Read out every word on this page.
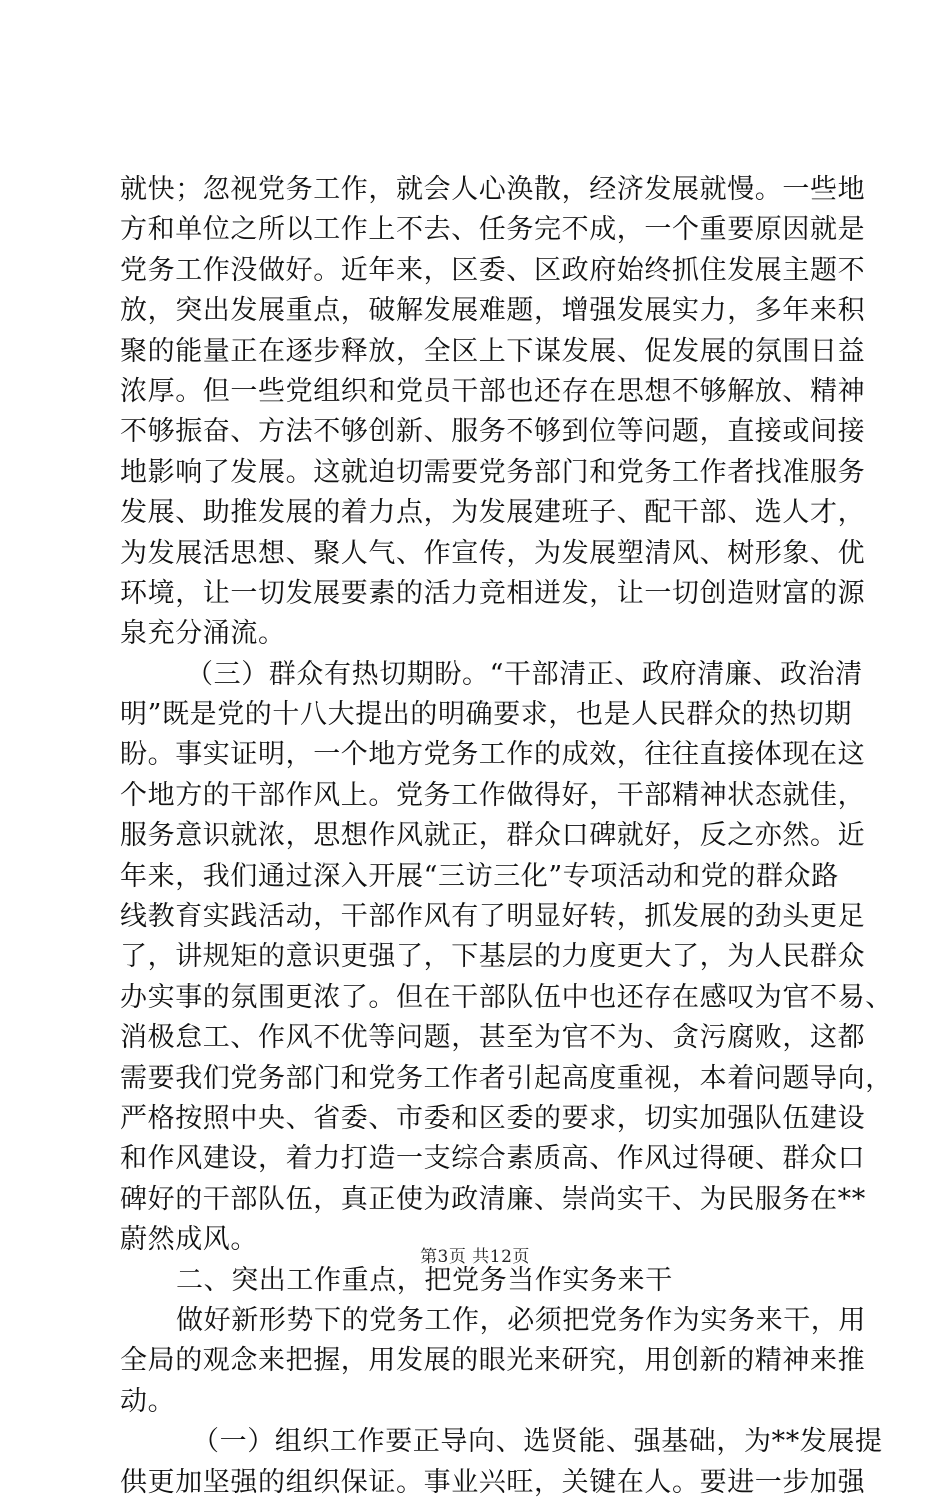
就快；忽视党务工作，就会人心涣散，经济发展就慢。一些地
方和单位之所以工作上不去、任务完不成，一个重要原因就是
党务工作没做好。近年来，区委、区政府始终抓住发展主题不
放，突出发展重点，破解发展难题，增强发展实力，多年来积
聚的能量正在逐步释放，全区上下谋发展、促发展的氛围日益
浓厚。但一些党组织和党员干部也还存在思想不够解放、精神
不够振奋、方法不够创新、服务不够到位等问题，直接或间接
地影响了发展。这就迫切需要党务部门和党务工作者找准服务
发展、助推发展的着力点，为发展建班子、配干部、选人才，
为发展活思想、聚人气、作宣传，为发展塑清风、树形象、优
环境，让一切发展要素的活力竞相迸发，让一切创造财富的源
泉充分涌流。
（三）群众有热切期盼。“干部清正、政府清廉、政治清
明”既是党的十八大提出的明确要求，也是人民群众的热切期
盼。事实证明，一个地方党务工作的成效，往往直接体现在这
个地方的干部作风上。党务工作做得好，干部精神状态就佳，
服务意识就浓，思想作风就正，群众口碑就好，反之亦然。近
年来，我们通过深入开展“三访三化”专项活动和党的群众路
线教育实践活动，干部作风有了明显好转，抓发展的劲头更足
了，讲规矩的意识更强了，下基层的力度更大了，为人民群众
办实事的氛围更浓了。但在干部队伍中也还存在感叹为官不易、
消极怠工、作风不优等问题，甚至为官不为、贪污腐败，这都
需要我们党务部门和党务工作者引起高度重视，本着问题导向，
严格按照中央、省委、市委和区委的要求，切实加强队伍建设
和作风建设，着力打造一支综合素质高、作风过得硬、群众口
碑好的干部队伍，真正使为政清廉、崇尚实干、为民服务在**
蔚然成风。
二、突出工作重点，把党务当作实务来干
做好新形势下的党务工作，必须把党务作为实务来干，用
全局的观念来把握，用发展的眼光来研究，用创新的精神来推
动。
（一）组织工作要正导向、选贤能、强基础，为**发展提
供更加坚强的组织保证。事业兴旺，关键在人。要进一步加强
第3页 共12页
